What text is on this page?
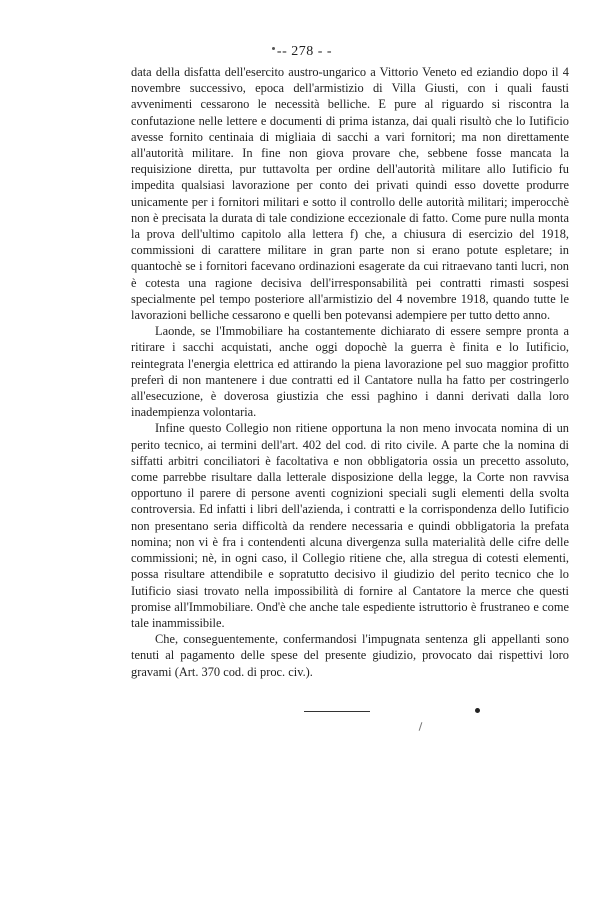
-- 278 - -

data della disfatta dell'esercito austro-ungarico a Vittorio Veneto ed eziandio dopo il 4 novembre successivo, epoca dell'armistizio di Villa Giusti, con i quali fausti avvenimenti cessarono le necessità belliche. E pure al riguardo si riscontra la confutazione nelle lettere e documenti di prima istanza, dai quali risultò che lo Iutificio avesse fornito centinaia di migliaia di sacchi a vari fornitori; ma non direttamente all'autorità militare. In fine non giova provare che, sebbene fosse mancata la requisizione diretta, pur tuttavolta per ordine dell'autorità militare allo Iutificio fu impedita qualsiasi lavorazione per conto dei privati quindi esso dovette produrre unicamente per i fornitori militari e sotto il controllo delle autorità militari; imperocchè non è precisata la durata di tale condizione eccezionale di fatto. Come pure nulla monta la prova dell'ultimo capitolo alla lettera f) che, a chiusura di esercizio del 1918, commissioni di carattere militare in gran parte non si erano potute espletare; in quantochè se i fornitori facevano ordinazioni esagerate da cui ritraevano tanti lucri, non è cotesta una ragione decisiva dell'irresponsabilità pei contratti rimasti sospesi specialmente pel tempo posteriore all'armistizio del 4 novembre 1918, quando tutte le lavorazioni belliche cessarono e quelli ben potevansi adempiere per tutto detto anno.

Laonde, se l'Immobiliare ha costantemente dichiarato di essere sempre pronta a ritirare i sacchi acquistati, anche oggi dopochè la guerra è finita e lo Iutificio, reintegrata l'energia elettrica ed attirando la piena lavorazione pel suo maggior profitto preferì di non mantenere i due contratti ed il Cantatore nulla ha fatto per costringerlo all'esecuzione, è doverosa giustizia che essi paghino i danni derivati dalla loro inadempienza volontaria.

Infine questo Collegio non ritiene opportuna la non meno invocata nomina di un perito tecnico, ai termini dell'art. 402 del cod. di rito civile. A parte che la nomina di siffatti arbitri conciliatori è facoltativa e non obbligatoria ossia un precetto assoluto, come parrebbe risultare dalla letterale disposizione della legge, la Corte non ravvisa opportuno il parere di persone aventi cognizioni speciali sugli elementi della svolta controversia. Ed infatti i libri dell'azienda, i contratti e la corrispondenza dello Iutificio non presentano seria difficoltà da rendere necessaria e quindi obbligatoria la prefata nomina; non vi è fra i contendenti alcuna divergenza sulla materialità delle cifre delle commissioni; nè, in ogni caso, il Collegio ritiene che, alla stregua di cotesti elementi, possa risultare attendibile e sopratutto decisivo il giudizio del perito tecnico che lo Iutificio siasi trovato nella impossibilità di fornire al Cantatore la merce che questi promise all'Immobiliare. Ond'è che anche tale espediente istruttorio è frustraneo e come tale inammissibile.

Che, conseguentemente, confermandosi l'impugnata sentenza gli appellanti sono tenuti al pagamento delle spese del presente giudizio, provocato dai rispettivi loro gravami (Art. 370 cod. di proc. civ.).
